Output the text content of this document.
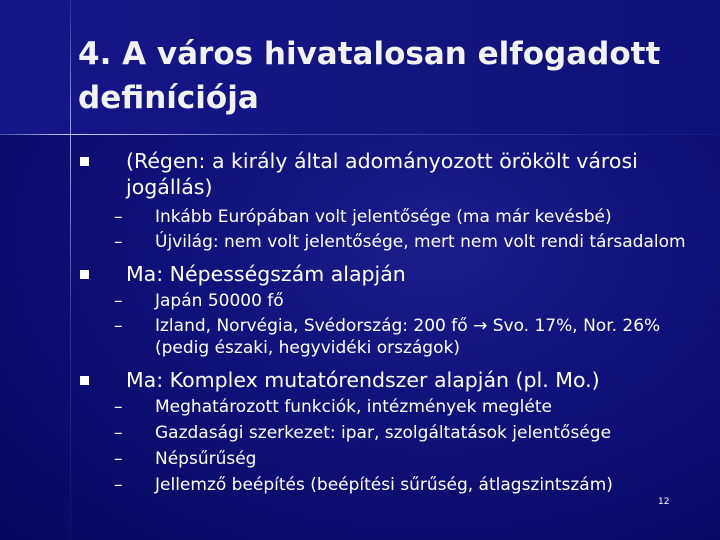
4. A város hivatalosan elfogadott definíciója
(Régen: a király által adományozott örökölt városi jogállás)
–	Inkább Európában volt jelentősége (ma már kevésbé)
–	Újvilág: nem volt jelentősége, mert nem volt rendi társadalom
Ma: Népességszám alapján
–	Japán 50000 fő
–	Izland, Norvégia, Svédország: 200 fő → Svo. 17%, Nor. 26% (pedig északi, hegyvidéki országok)
Ma: Komplex mutatórendszer alapján (pl. Mo.)
–	Meghatározott funkciók, intézmények megléte
–	Gazdasági szerkezet: ipar, szolgáltatások jelentősége
–	Népsűrűség
–	Jellemző beépítés (beépítési sűrűség, átlagszintszám)
12
